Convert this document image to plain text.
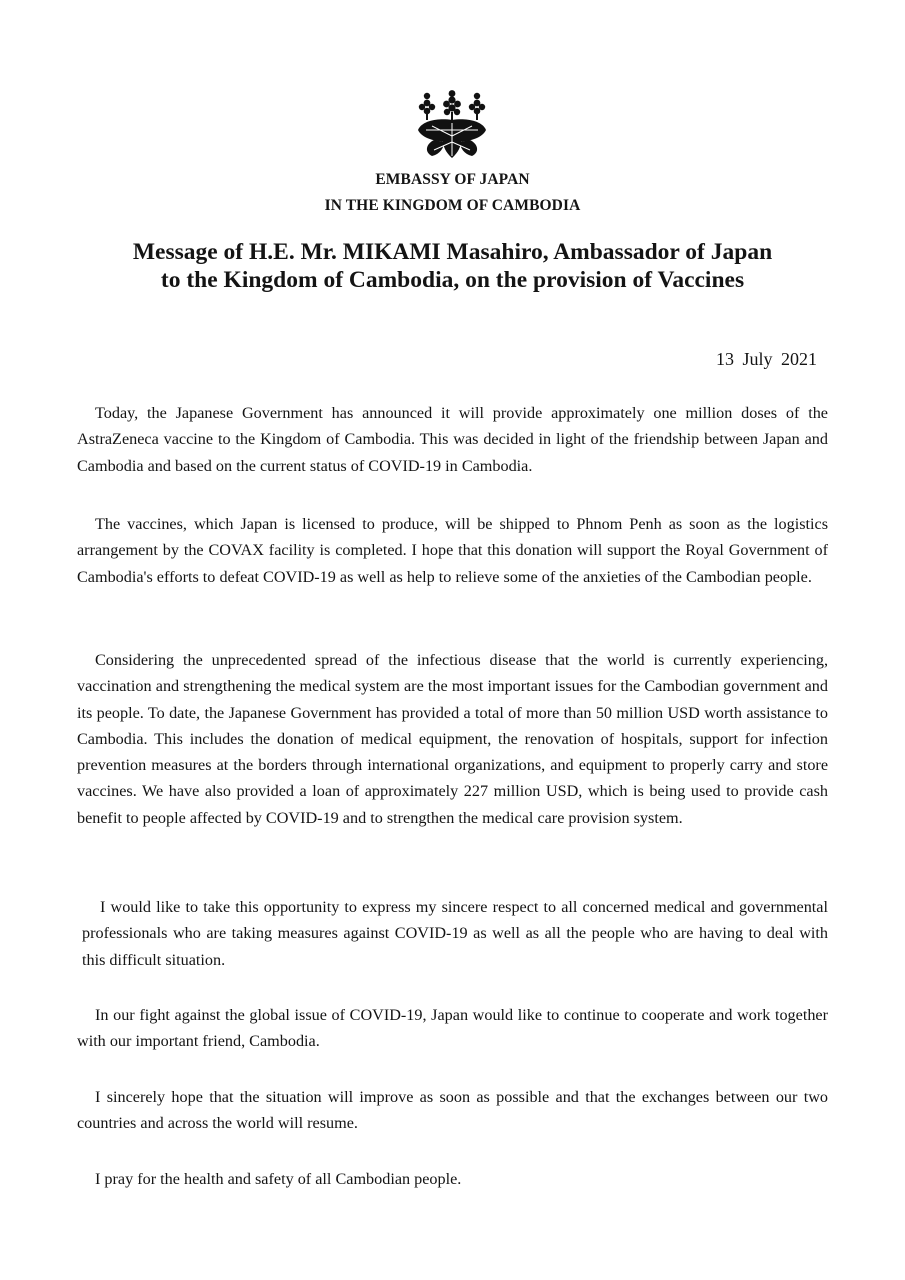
EMBASSY OF JAPAN
IN THE KINGDOM OF CAMBODIA
Message of H.E. Mr. MIKAMI Masahiro, Ambassador of Japan
to the Kingdom of Cambodia, on the provision of Vaccines
13 July 2021

Today, the Japanese Government has announced it will provide approximately one million doses of the AstraZeneca vaccine to the Kingdom of Cambodia. This was decided in light of the friendship between Japan and Cambodia and based on the current status of COVID-19 in Cambodia.

The vaccines, which Japan is licensed to produce, will be shipped to Phnom Penh as soon as the logistics arrangement by the COVAX facility is completed. I hope that this donation will support the Royal Government of Cambodia's efforts to defeat COVID-19 as well as help to relieve some of the anxieties of the Cambodian people.

Considering the unprecedented spread of the infectious disease that the world is currently experiencing, vaccination and strengthening the medical system are the most important issues for the Cambodian government and its people. To date, the Japanese Government has provided a total of more than 50 million USD worth assistance to Cambodia. This includes the donation of medical equipment, the renovation of hospitals, support for infection prevention measures at the borders through international organizations, and equipment to properly carry and store vaccines. We have also provided a loan of approximately 227 million USD, which is being used to provide cash benefit to people affected by COVID-19 and to strengthen the medical care provision system.

I would like to take this opportunity to express my sincere respect to all concerned medical and governmental professionals who are taking measures against COVID-19 as well as all the people who are having to deal with this difficult situation.

In our fight against the global issue of COVID-19, Japan would like to continue to cooperate and work together with our important friend, Cambodia.

I sincerely hope that the situation will improve as soon as possible and that the exchanges between our two countries and across the world will resume.

I pray for the health and safety of all Cambodian people.
